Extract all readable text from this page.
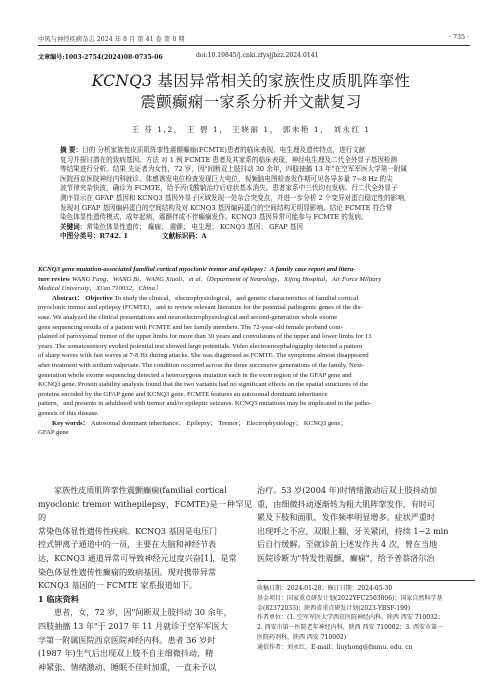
中风与神经疾病杂志 2024 年 8 月 第 41 卷 第 8 期	· 735 ·
文章编号:1003-2754(2024)08-0735-06	doi:10.19845/j.cnki.zfysjjbzz.2024.0141
KCNQ3 基因异常相关的家族性皮质肌阵挛性
震颤癫痫一家系分析并文献复习
王 芬 1,2， 王 碧 1， 王晓丽 1， 郭未艳 1， 刘永红 1
摘 要：目的 分析家族性皮质肌阵挛性震颤癫痫(FCMTE)患者的临床表现、电生理及遗传特点，进行文献
复习并探讨潜在的致病基因。方法 对 1 例 FCMTE 患者及其家系的临床表现、神经电生理及二代全外显子基因检测
等结果进行分析。结果 先证者为女性，72 岁，因"间断双上肢抖动 30 余年，四肢抽搐 13 年"在空军军医大学第一附属
医院西京医院神经内科就诊。体感诱发电位检查发现巨大电位，视频脑电图检查发作期可见各导多量 7~8 Hz 的尖
波节律夹杂快波，确诊为 FCMTE，给予丙戊酸钠治疗后症状基本消失。患者家系中三代均有发病。行二代全外显子
测序显示在 GFAP 基因和 KCNQ3 基因外显子区域发现一处杂合突变点，并进一步分析 2 个变异对蛋白稳定性的影响，
发现对 GFAP 基因编码蛋白的空间结构及对 KCNQ3 基因编码蛋白的空间结构无明显影响。结论 FCMTE 符合常
染色体显性遗传模式，成年起病，震颤伴或不伴癫痫发作。KCNQ3 基因异常可能参与 FCMTE 的发病。
关键词：常染色体显性遗传； 癫痫； 震颤； 电生理； KCNQ3 基因； GFAP 基因
中图分类号：R742. 1	文献标识码：A
KCNQ3 gene mutation-associated familial cortical myoclonic tremor and epilepsy：A family case report and litera-
ture review WANG Fang，WANG Bi，WANG Xiaoli，et al.（Department of Neurology，Xijing Hospital，Air Force Military
Medical University，Xi'an 710032，China）
Abstract： Objective To study the clinical，electrophysiological，and genetic characteristics of familial cortical
myoclonic tremor and epilepsy (FCMTE)，and to review relevant literature for the potential pathogenic genes of the dis-
ease. We analyzed the clinical presentations and neuroelectrophysiological and second-generation whole exome
gene sequencing results of a patient with FCMTE and her family members. The 72-year-old female proband com-
plained of paroxysmal tremor of the upper limbs for more than 30 years and convulsions of the upper and lower limbs for 13
years. The somatosensory evoked potential test showed large potentials. Video electroencephalography detected a pattern
of sharp waves with fast waves at 7-8 Hz during attacks. She was diagnosed as FCMTE. The symptoms almost disappeared
after treatment with sodium valproate. The condition occurred across the three successive generations of the family. Next-
generation whole exome sequencing detected a heterozygous mutation each in the exon region of the GFAP gene and
KCNQ3 gene. Protein stability analysis found that the two variants had no significant effects on the spatial structures of the
proteins encoded by the GFAP gene and KCNQ3 gene. FCMTE features an autosomal dominant inheritance
pattern，and presents in adulthood with tremor and/or epileptic seizures. KCNQ3 mutations may be implicated in the patho-
genesis of this disease.
Key words： Autosomal dominant inheritance； Epilepsy； Tremor； Electrophysiology； KCNQ3 gene；
GFAP gene
家族性皮质肌阵挛性震颤癫痫(familial cortical
myoclonic tremor withepilepsy，FCMTE)是一种罕见的
常染色体显性遗传性疾病。KCNQ3 基因是电压门
控式钾离子通道中的一员，主要在大脑和神经节表
达，KCNQ3 通道异常可导致神经元过度兴奋[1]，是常
染色体显性遗传性癫痫的致病基因。现对携带异常
KCNQ3 基因的一 FCMTE 家系报道如下。
1 临床资料
患者，女，72 岁，因"间断双上肢抖动 30 余年，
四肢抽搐 13 年"于 2017 年 11 月就诊于空军军医大
学第一附属医院西京医院神经内科。患者 36 岁时
(1987 年)生气后出现双上肢不自主细微抖动，精
神紧张、情绪激动、睡眠不佳时加重，一直未予以
治疗。53 岁(2004 年)时情绪激动后双上肢抖动加
重，由细微抖动逐渐转为粗大肌阵挛发作，有时可
累及下肢和面肌，发作频率明显增多。症状严重时
出现呼之不应，双眼上翻，牙关紧闭，持续 1~2 min
后自行缓解。至就诊前上述发作共 4 次，曾在当地
医院诊断为"特发性震颤、癫痫"，给予普萘洛尔治
收稿日期：2024-01-28；修订日期：2024-05-30
基金项目：国家重点研发计划(2022YFC2503806)；国家自然科学基
金(82372033)；陕西省重点研发计划(2023-YBSF-199)
作者单位：(1. 空军军医大学西京医院神经内科，陕西 西安 710032；
2. 西安市第一医院老年神经内科，陕西 西安 710002；3. 西安市第一
医院药剂科，陕西 西安 710002)
通信作者：刘永红，E-mail：liuyhong@fmmu. edu. cn
